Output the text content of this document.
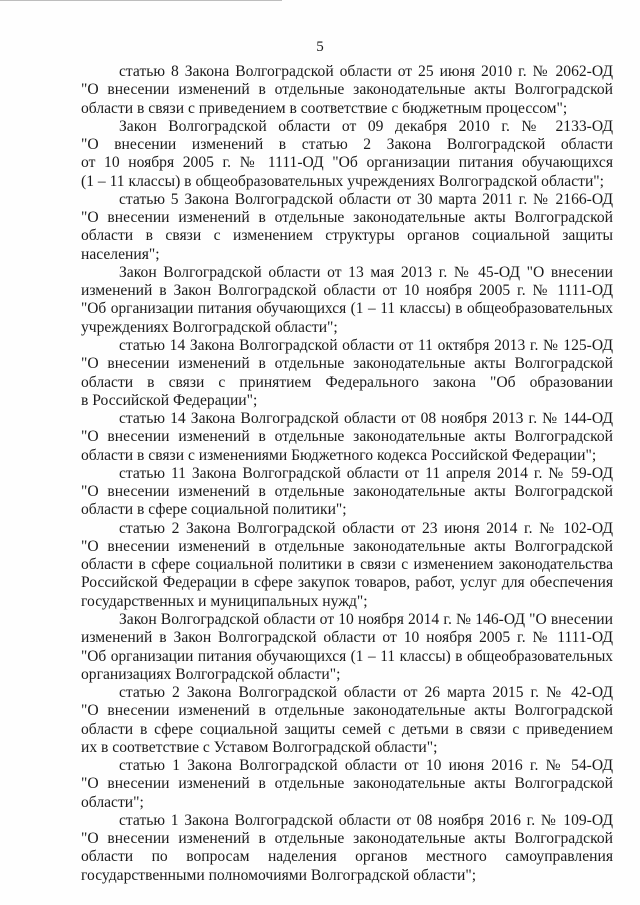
5
статью 8 Закона Волгоградской области от 25 июня 2010 г. № 2062-ОД
"О внесении изменений в отдельные законодательные акты Волгоградской
области в связи с приведением в соответствие с бюджетным процессом";
Закон Волгоградской области от 09 декабря 2010 г. № 2133-ОД
"О внесении изменений в статью 2 Закона Волгоградской области
от 10 ноября 2005 г. № 1111-ОД "Об организации питания обучающихся
(1 – 11 классы) в общеобразовательных учреждениях Волгоградской области";
статью 5 Закона Волгоградской области от 30 марта 2011 г. № 2166-ОД
"О внесении изменений в отдельные законодательные акты Волгоградской
области в связи с изменением структуры органов социальной защиты
населения";
Закон Волгоградской области от 13 мая 2013 г. № 45-ОД "О внесении
изменений в Закон Волгоградской области от 10 ноября 2005 г. № 1111-ОД
"Об организации питания обучающихся (1 – 11 классы) в общеобразовательных
учреждениях Волгоградской области";
статью 14 Закона Волгоградской области от 11 октября 2013 г. № 125-ОД
"О внесении изменений в отдельные законодательные акты Волгоградской
области в связи с принятием Федерального закона "Об образовании
в Российской Федерации";
статью 14 Закона Волгоградской области от 08 ноября 2013 г. № 144-ОД
"О внесении изменений в отдельные законодательные акты Волгоградской
области в связи с изменениями Бюджетного кодекса Российской Федерации";
статью 11 Закона Волгоградской области от 11 апреля 2014 г. № 59-ОД
"О внесении изменений в отдельные законодательные акты Волгоградской
области в сфере социальной политики";
статью 2 Закона Волгоградской области от 23 июня 2014 г. № 102-ОД
"О внесении изменений в отдельные законодательные акты Волгоградской
области в сфере социальной политики в связи с изменением законодательства
Российской Федерации в сфере закупок товаров, работ, услуг для обеспечения
государственных и муниципальных нужд";
Закон Волгоградской области от 10 ноября 2014 г. № 146-ОД "О внесении
изменений в Закон Волгоградской области от 10 ноября 2005 г. № 1111-ОД
"Об организации питания обучающихся (1 – 11 классы) в общеобразовательных
организациях Волгоградской области";
статью 2 Закона Волгоградской области от 26 марта 2015 г. № 42-ОД
"О внесении изменений в отдельные законодательные акты Волгоградской
области в сфере социальной защиты семей с детьми в связи с приведением
их в соответствие с Уставом Волгоградской области";
статью 1 Закона Волгоградской области от 10 июня 2016 г. № 54-ОД
"О внесении изменений в отдельные законодательные акты Волгоградской
области";
статью 1 Закона Волгоградской области от 08 ноября 2016 г. № 109-ОД
"О внесении изменений в отдельные законодательные акты Волгоградской
области по вопросам наделения органов местного самоуправления
государственными полномочиями Волгоградской области";
